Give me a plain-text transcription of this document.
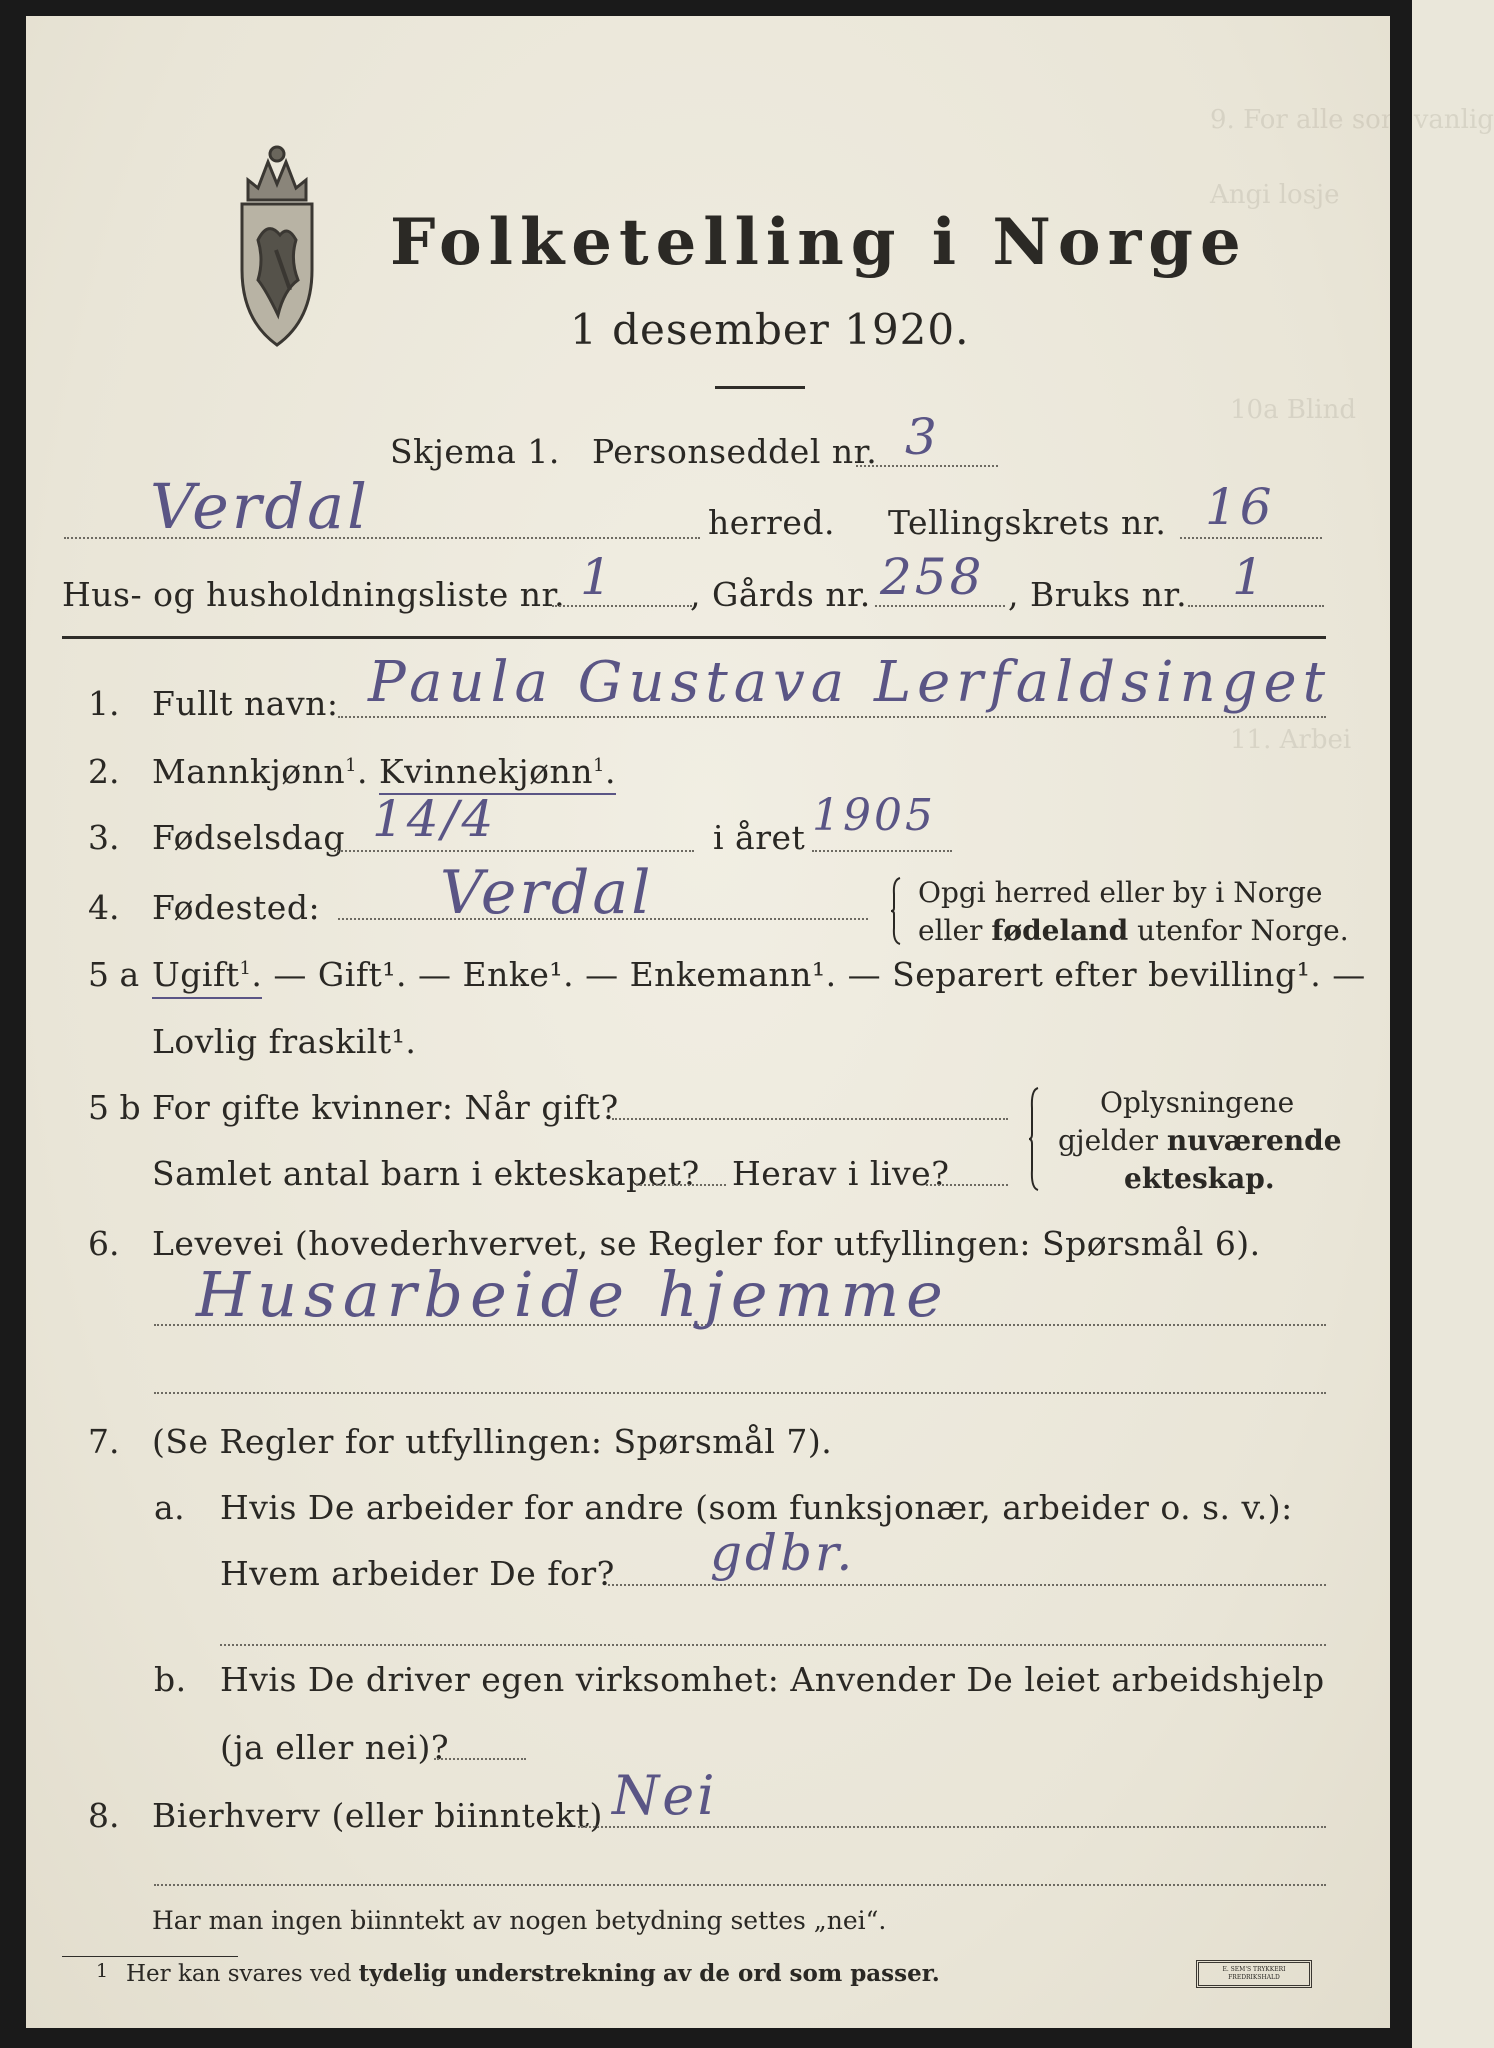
9. For alle som vanlig
Angi losje
10a Blind
11. Arbei
Folketelling i Norge
1 desember 1920.
Skjema 1. Personseddel nr. 3
Verdal	herred. Tellingskrets nr. 16
Hus- og husholdningsliste nr. 1 , Gårds nr. 258 , Bruks nr. 1
1. Fullt navn: Paula Gustava Lerfaldsinget
2. Mannkjønn$^1$. Kvinnekjønn$^1$.
3. Fødselsdag 14/4	i året 1905
4. Fødested: Verdal	Opgi herred eller by i Norge
eller fødeland utenfor Norge.
5 a Ugift$^1$. — Gift¹. — Enke¹. — Enkemann¹. — Separert efter bevilling¹. —
Lovlig fraskilt¹.
5 b For gifte kvinner: Når gift?
Samlet antal barn i ekteskapet? Herav i live?
Oplysningene
gjelder nuværende
ekteskap.
6. Levevei (hovederhvervet, se Regler for utfyllingen: Spørsmål 6).
Husarbeide hjemme
7. (Se Regler for utfyllingen: Spørsmål 7).
a. Hvis De arbeider for andre (som funksjonær, arbeider o. s. v.):
Hvem arbeider De for? gdbr.
b. Hvis De driver egen virksomhet: Anvender De leiet arbeidshjelp
(ja eller nei)?
8. Bierhverv (eller biinntekt) Nei
Har man ingen biinntekt av nogen betydning settes „nei“.
1 Her kan svares ved tydelig understrekning av de ord som passer.	E. SEM'S TRYKKERI FREDRIKSHALD
